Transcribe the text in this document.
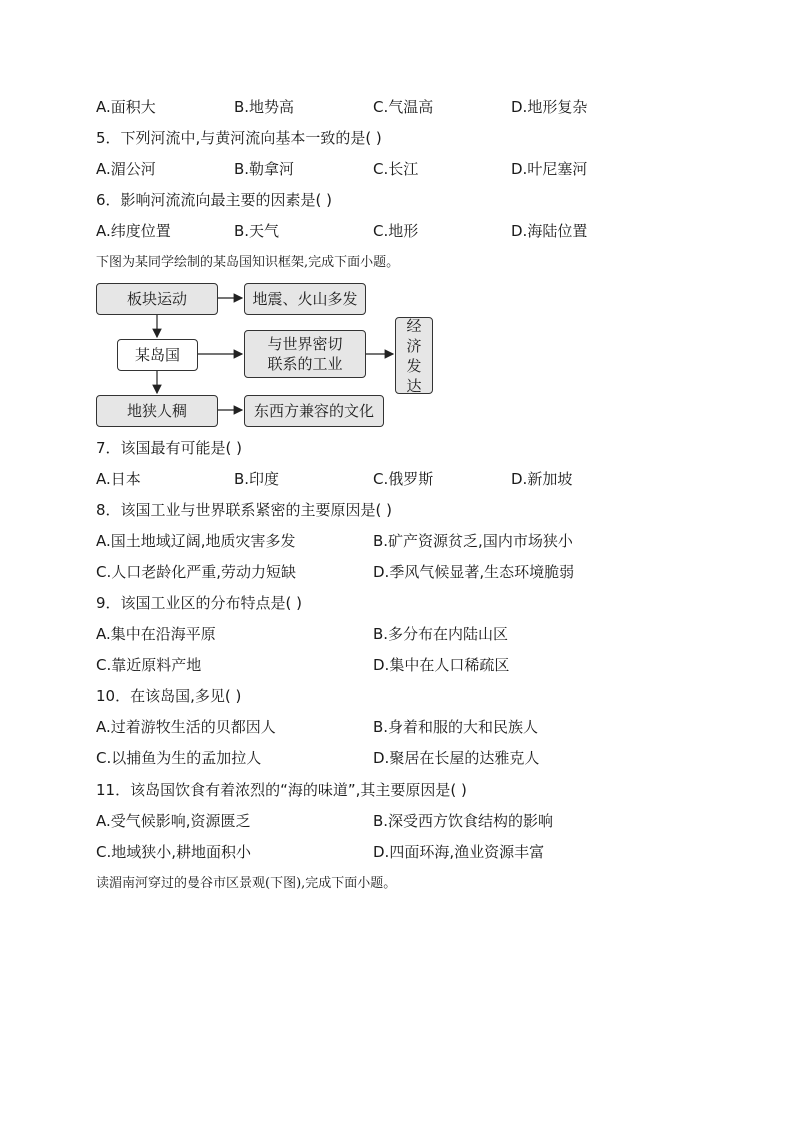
A.面积大	B.地势高	C.气温高	D.地形复杂
5．下列河流中,与黄河流向基本一致的是( )
A.湄公河	B.勒拿河	C.长江	D.叶尼塞河
6．影响河流流向最主要的因素是( )
A.纬度位置	B.天气	C.地形	D.海陆位置
下图为某同学绘制的某岛国知识框架,完成下面小题。
板块运动	地震、火山多发
某岛国
与世界密切
联系的工业
经济发达
地狭人稠	东西方兼容的文化
7．该国最有可能是( )
A.日本	B.印度	C.俄罗斯	D.新加坡
8．该国工业与世界联系紧密的主要原因是( )
A.国土地域辽阔,地质灾害多发	B.矿产资源贫乏,国内市场狭小
C.人口老龄化严重,劳动力短缺	D.季风气候显著,生态环境脆弱
9．该国工业区的分布特点是( )
A.集中在沿海平原	B.多分布在内陆山区
C.靠近原料产地	D.集中在人口稀疏区
10．在该岛国,多见( )
A.过着游牧生活的贝都因人	B.身着和服的大和民族人
C.以捕鱼为生的孟加拉人	D.聚居在长屋的达雅克人
11．该岛国饮食有着浓烈的“海的味道”,其主要原因是( )
A.受气候影响,资源匮乏	B.深受西方饮食结构的影响
C.地域狭小,耕地面积小	D.四面环海,渔业资源丰富
读湄南河穿过的曼谷市区景观(下图),完成下面小题。
